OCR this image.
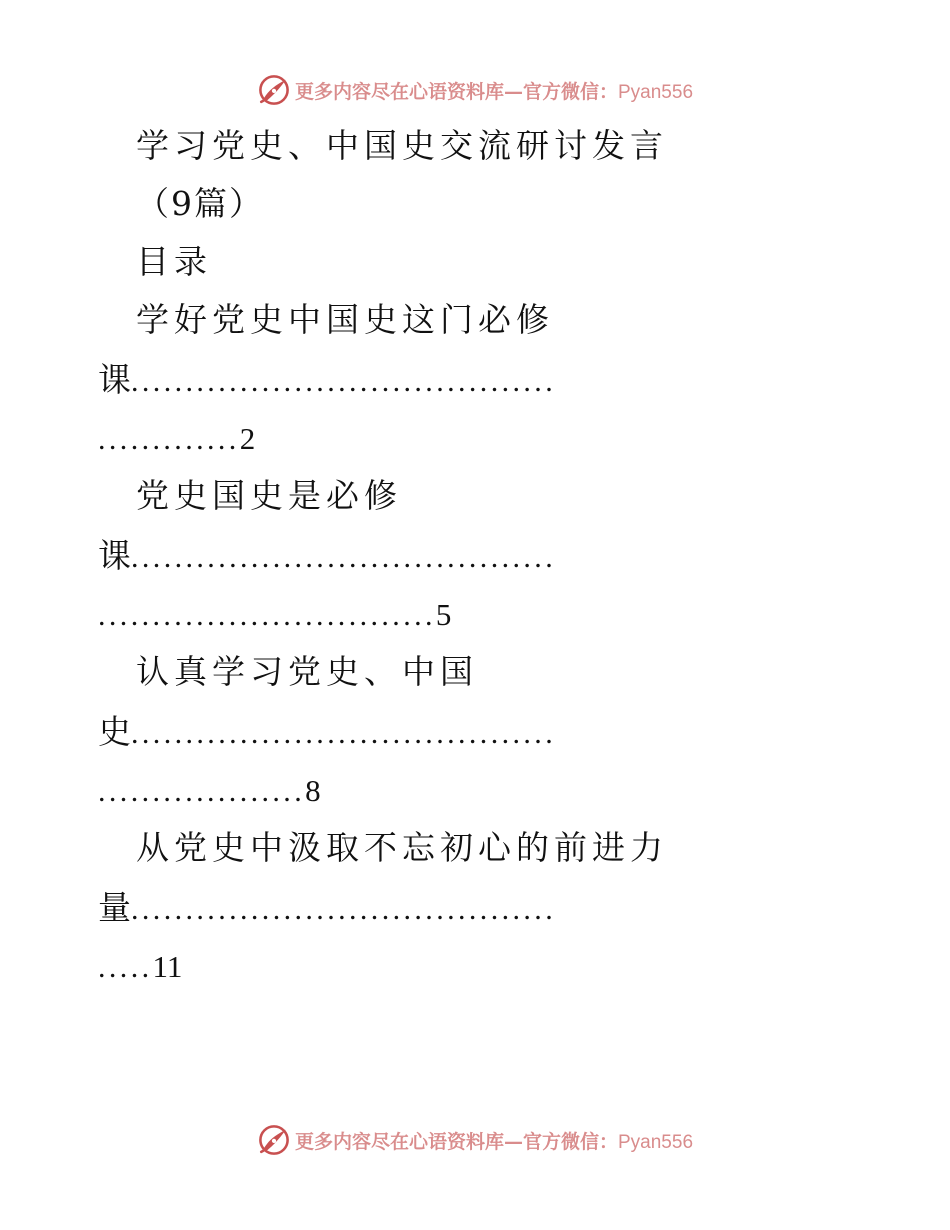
更多内容尽在心语资料库—官方微信：Pyan556
学习党史、中国史交流研讨发言
（9篇）
目录
学好党史中国史这门必修
课.......................................
.............2
党史国史是必修
课.......................................
...............................5
认真学习党史、中国
史.......................................
...................8
从党史中汲取不忘初心的前进力
量.......................................
.....11
更多内容尽在心语资料库—官方微信：Pyan556
